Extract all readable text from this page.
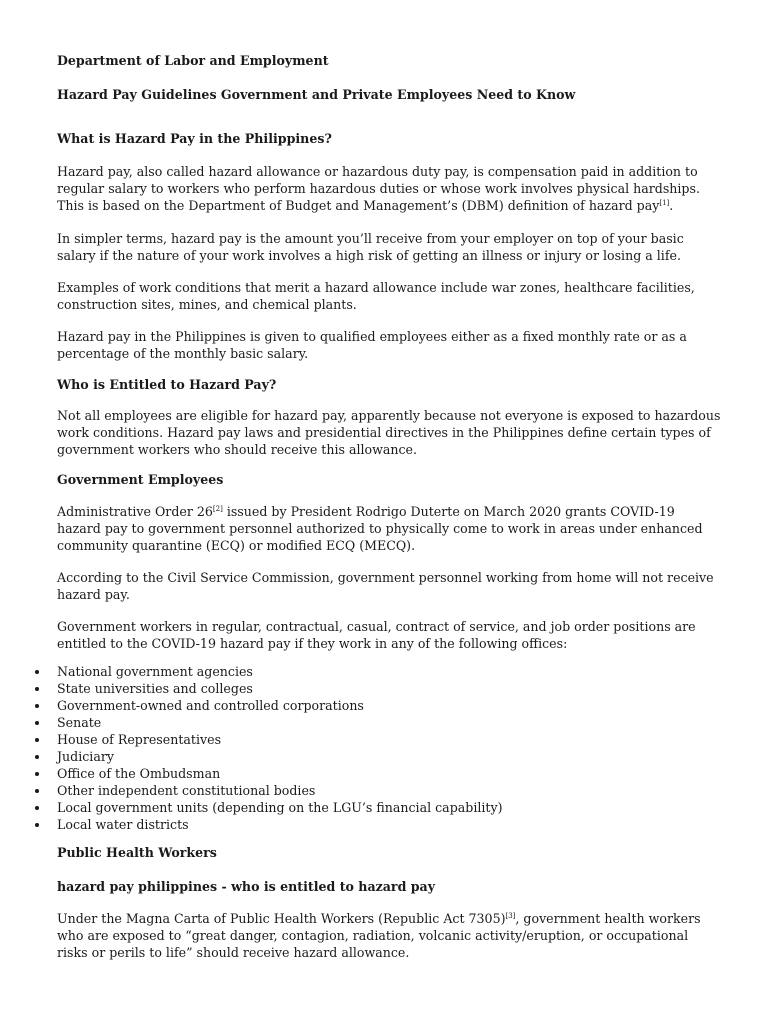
Department of Labor and Employment

Hazard Pay Guidelines Government and Private Employees Need to Know

What is Hazard Pay in the Philippines?

Hazard pay, also called hazard allowance or hazardous duty pay, is compensation paid in addition to regular salary to workers who perform hazardous duties or whose work involves physical hardships. This is based on the Department of Budget and Management’s (DBM) definition of hazard pay[1].

In simpler terms, hazard pay is the amount you’ll receive from your employer on top of your basic salary if the nature of your work involves a high risk of getting an illness or injury or losing a life.

Examples of work conditions that merit a hazard allowance include war zones, healthcare facilities, construction sites, mines, and chemical plants.

Hazard pay in the Philippines is given to qualified employees either as a fixed monthly rate or as a percentage of the monthly basic salary.

Who is Entitled to Hazard Pay?

Not all employees are eligible for hazard pay, apparently because not everyone is exposed to hazardous work conditions. Hazard pay laws and presidential directives in the Philippines define certain types of government workers who should receive this allowance.

Government Employees

Administrative Order 26[2] issued by President Rodrigo Duterte on March 2020 grants COVID-19 hazard pay to government personnel authorized to physically come to work in areas under enhanced community quarantine (ECQ) or modified ECQ (MECQ).

According to the Civil Service Commission, government personnel working from home will not receive hazard pay.

Government workers in regular, contractual, casual, contract of service, and job order positions are entitled to the COVID-19 hazard pay if they work in any of the following offices:

National government agencies
State universities and colleges
Government-owned and controlled corporations
Senate
House of Representatives
Judiciary
Office of the Ombudsman
Other independent constitutional bodies
Local government units (depending on the LGU’s financial capability)
Local water districts

Public Health Workers

hazard pay philippines - who is entitled to hazard pay

Under the Magna Carta of Public Health Workers (Republic Act 7305)[3], government health workers who are exposed to “great danger, contagion, radiation, volcanic activity/eruption, or occupational risks or perils to life” should receive hazard allowance.
